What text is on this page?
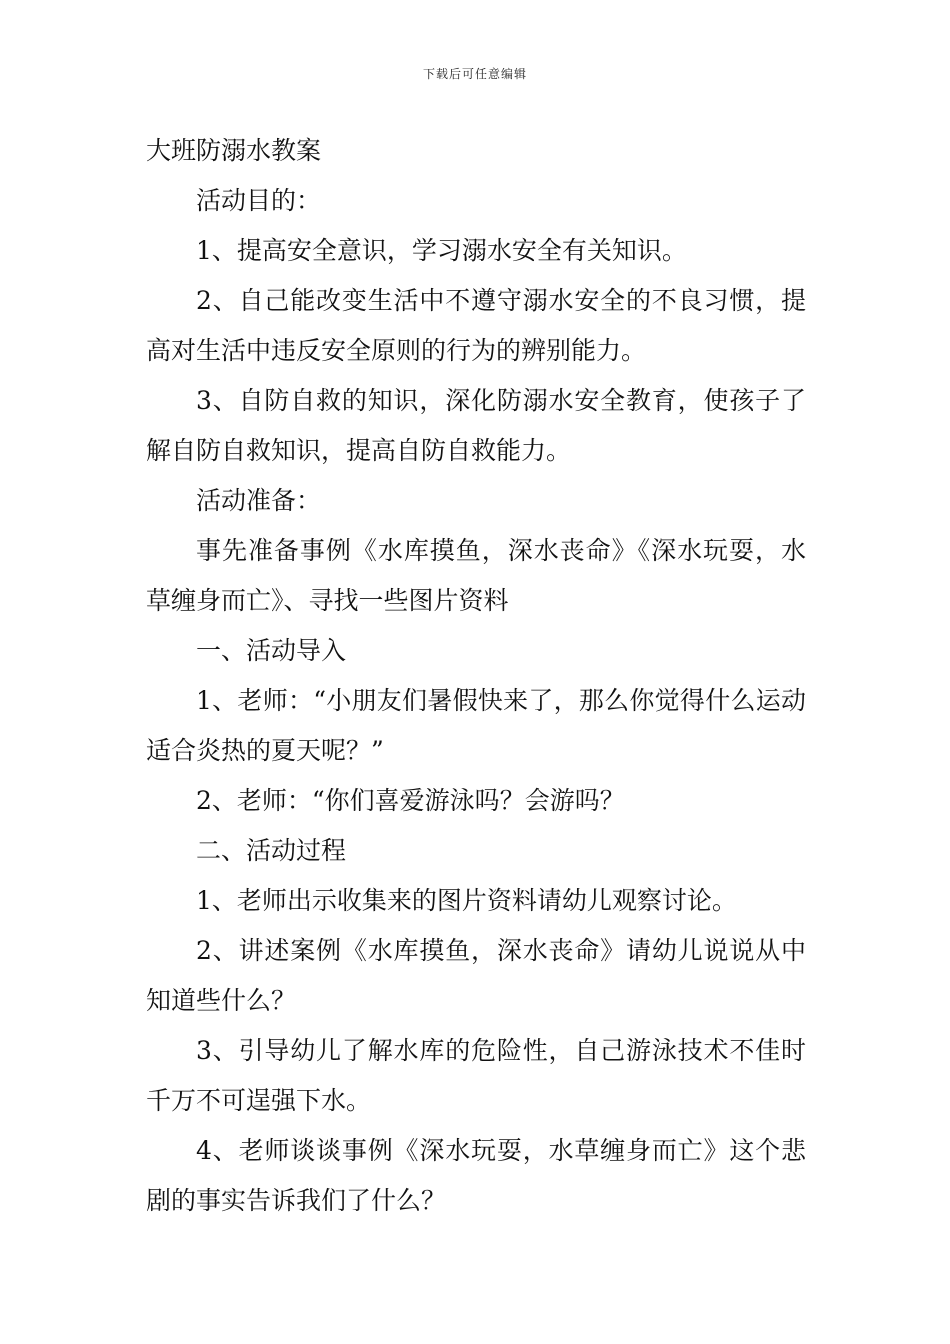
下载后可任意编辑

大班防溺水教案

活动目的：

1、提高安全意识，学习溺水安全有关知识。

2、自己能改变生活中不遵守溺水安全的不良习惯，提高对生活中违反安全原则的行为的辨别能力。

3、自防自救的知识，深化防溺水安全教育，使孩子了解自防自救知识，提高自防自救能力。

活动准备：

事先准备事例《水库摸鱼，深水丧命》《深水玩耍，水草缠身而亡》、寻找一些图片资料

一、活动导入

1、老师：“小朋友们暑假快来了，那么你觉得什么运动适合炎热的夏天呢？”

2、老师：“你们喜爱游泳吗？会游吗？

二、活动过程

1、老师出示收集来的图片资料请幼儿观察讨论。

2、讲述案例《水库摸鱼，深水丧命》请幼儿说说从中知道些什么？

3、引导幼儿了解水库的危险性，自己游泳技术不佳时千万不可逞强下水。

4、老师谈谈事例《深水玩耍，水草缠身而亡》这个悲剧的事实告诉我们了什么？
